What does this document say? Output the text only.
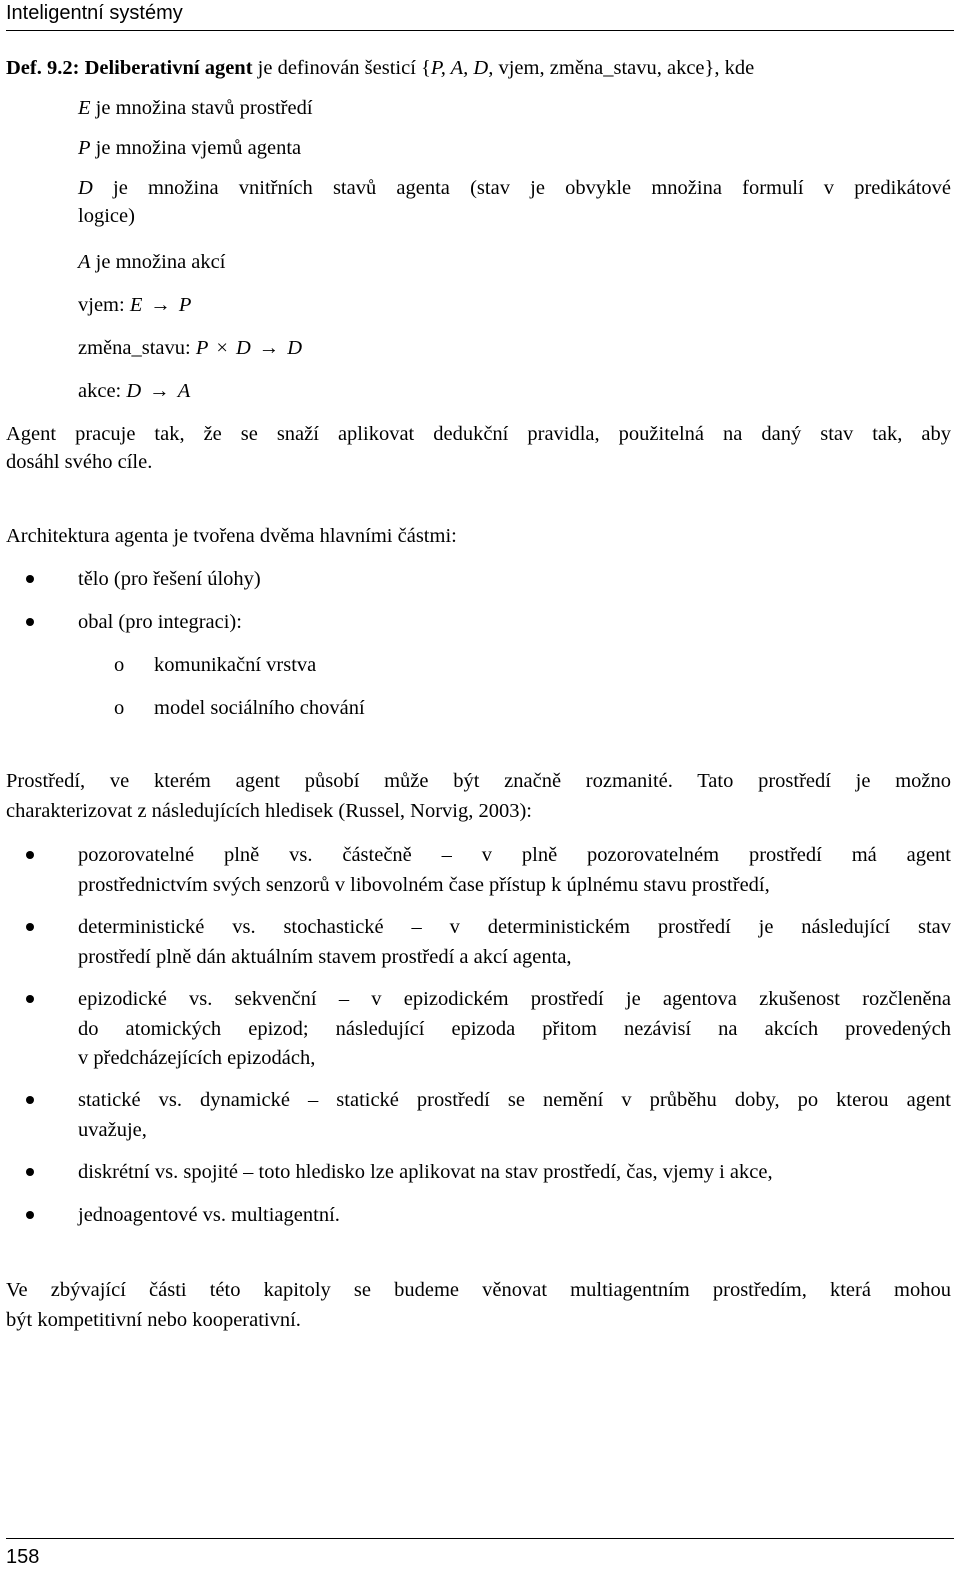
Inteligentní systémy
Def. 9.2: Deliberativní agent je definován šesticí {P, A, D, vjem, změna_stavu, akce}, kde
E je množina stavů prostředí
P je množina vjemů agenta
D je množina vnitřních stavů agenta (stav je obvykle množina formulí v predikátové
logice)
A je množina akcí
vjem: E → P
změna_stavu: P × D → D
akce: D → A
Agent pracuje tak, že se snaží aplikovat dedukční pravidla, použitelná na daný stav tak, aby
dosáhl svého cíle.
Architektura agenta je tvořena dvěma hlavními částmi:
tělo (pro řešení úlohy)
obal (pro integraci):
o komunikační vrstva
o model sociálního chování
Prostředí, ve kterém agent působí může být značně rozmanité. Tato prostředí je možno
charakterizovat z následujících hledisek (Russel, Norvig, 2003):
pozorovatelné plně vs. částečně – v plně pozorovatelném prostředí má agent
prostřednictvím svých senzorů v libovolném čase přístup k úplnému stavu prostředí,
deterministické vs. stochastické – v deterministickém prostředí je následující stav
prostředí plně dán aktuálním stavem prostředí a akcí agenta,
epizodické vs. sekvenční – v epizodickém prostředí je agentova zkušenost rozčleněna
do atomických epizod; následující epizoda přitom nezávisí na akcích provedených
v předcházejících epizodách,
statické vs. dynamické – statické prostředí se nemění v průběhu doby, po kterou agent
uvažuje,
diskrétní vs. spojité – toto hledisko lze aplikovat na stav prostředí, čas, vjemy i akce,
jednoagentové vs. multiagentní.
Ve zbývající části této kapitoly se budeme věnovat multiagentním prostředím, která mohou
být kompetitivní nebo kooperativní.
158
